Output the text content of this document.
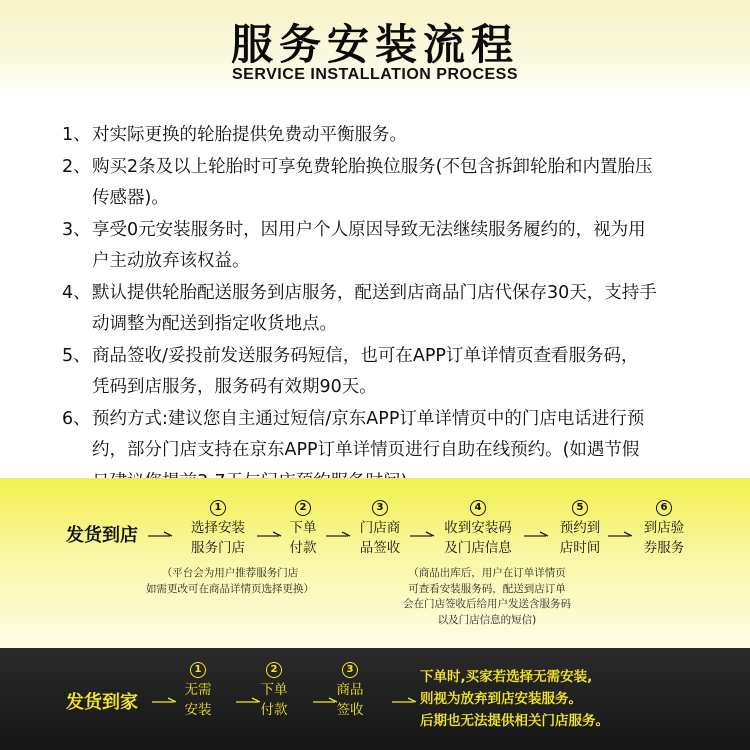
服务安装流程
SERVICE INSTALLATION PROCESS
1、 对实际更换的轮胎提供免费动平衡服务。
2、 购买2条及以上轮胎时可享免费轮胎换位服务(不包含拆卸轮胎和内置胎压
传感器)。
3、 享受0元安装服务时，因用户个人原因导致无法继续服务履约的，视为用
户主动放弃该权益。
4、 默认提供轮胎配送服务到店服务，配送到店商品门店代保存30天，支持手
动调整为配送到指定收货地点。
5、 商品签收/妥投前发送服务码短信，也可在APP订单详情页查看服务码，
凭码到店服务，服务码有效期90天。
6、 预约方式:建议您自主通过短信/京东APP订单详情页中的门店电话进行预
约，部分门店支持在京东APP订单详情页进行自助在线预约。(如遇节假
发货到店
1
选择安装
服务门店
2
下单
付款
3
门店商
品签收
4
收到安装码
及门店信息
5
预约到
店时间
6
到店验
券服务
（平台会为用户推荐服务门店
如需更改可在商品详情页选择更换）
（商品出库后，用户在订单详情页
可查看安装服务码，配送到店订单
会在门店签收后给用户发送含服务码
以及门店信息的短信)
发货到家
1
无需
安装
2
下单
付款
3
商品
签收
下单时,买家若选择无需安装,
则视为放弃到店安装服务。
后期也无法提供相关门店服务。
